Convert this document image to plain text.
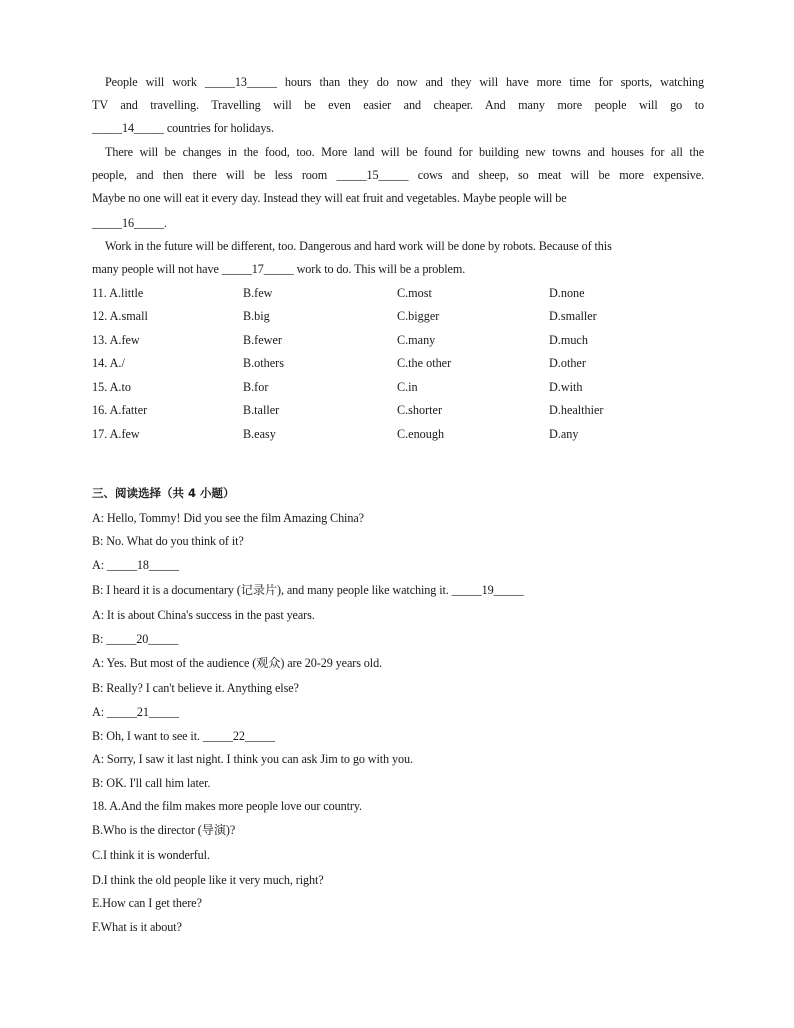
People will work _____13_____ hours than they do now and they will have more time for sports, watching
TV and travelling. Travelling will be even easier and cheaper. And many more people will go to
_____14_____ countries for holidays.
There will be changes in the food, too. More land will be found for building new towns and houses for all the
people, and then there will be less room _____15_____ cows and sheep, so meat will be more expensive.
Maybe no one will eat it every day. Instead they will eat fruit and vegetables. Maybe people will be
_____16_____.
Work in the future will be different, too. Dangerous and hard work will be done by robots. Because of this
many people will not have _____17_____ work to do. This will be a problem.
11. A.little	B.few	C.most	D.none
12. A.small	B.big	C.bigger	D.smaller
13. A.few	B.fewer	C.many	D.much
14. A./	B.others	C.the other	D.other
15. A.to	B.for	C.in	D.with
16. A.fatter	B.taller	C.shorter	D.healthier
17. A.few	B.easy	C.enough	D.any
三、阅读选择（共 4 小题）
A: Hello, Tommy! Did you see the film Amazing China?
B: No. What do you think of it?
A: _____18_____
B: I heard it is a documentary (记录片), and many people like watching it. _____19_____
A: It is about China's success in the past years.
B: _____20_____
A: Yes. But most of the audience (观众) are 20-29 years old.
B: Really? I can't believe it. Anything else?
A: _____21_____
B: Oh, I want to see it. _____22_____
A: Sorry, I saw it last night. I think you can ask Jim to go with you.
B: OK. I'll call him later.
18. A.And the film makes more people love our country.
B.Who is the director (导演)?
C.I think it is wonderful.
D.I think the old people like it very much, right?
E.How can I get there?
F.What is it about?
